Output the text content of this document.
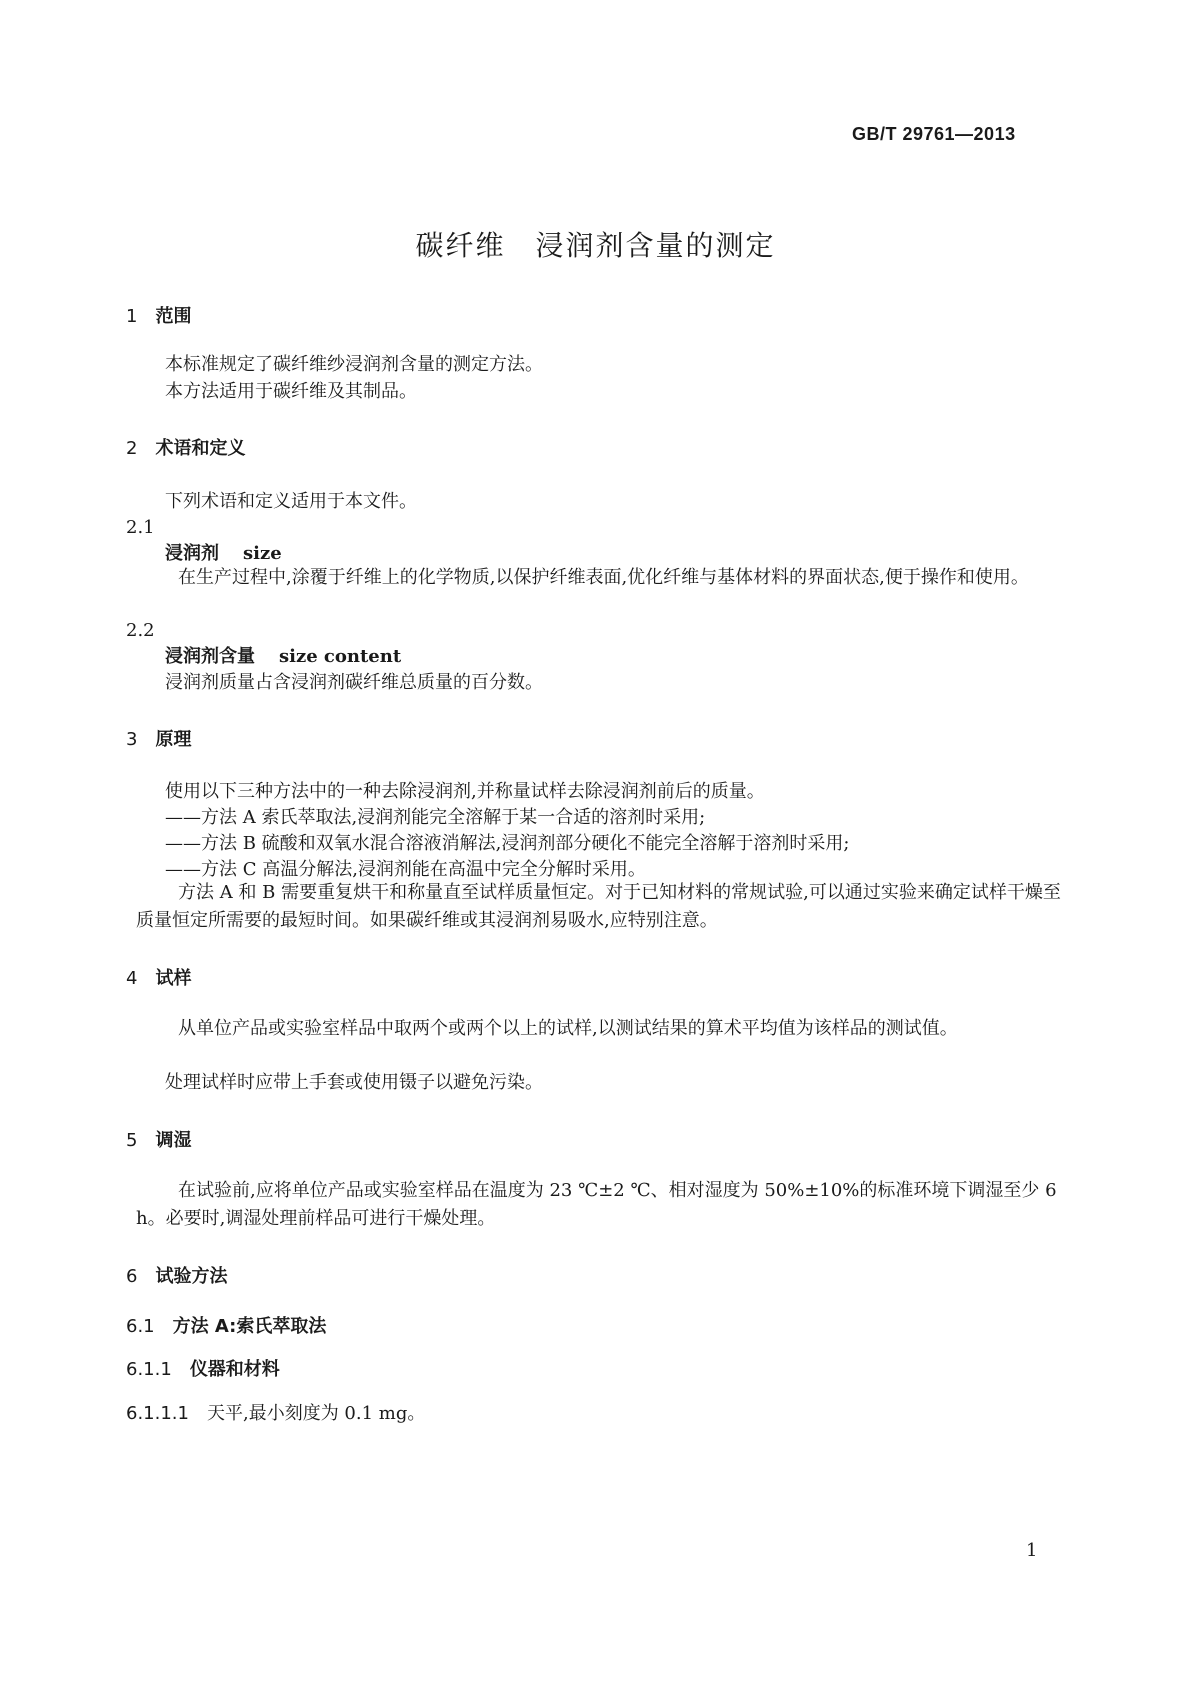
GB/T 29761—2013
碳纤维　浸润剂含量的测定
1 范围
本标准规定了碳纤维纱浸润剂含量的测定方法。
本方法适用于碳纤维及其制品。
2 术语和定义
下列术语和定义适用于本文件。
2.1
浸润剂 size
在生产过程中,涂覆于纤维上的化学物质,以保护纤维表面,优化纤维与基体材料的界面状态,便于操作和使用。
2.2
浸润剂含量 size content
浸润剂质量占含浸润剂碳纤维总质量的百分数。
3 原理
使用以下三种方法中的一种去除浸润剂,并称量试样去除浸润剂前后的质量。
——方法 A 索氏萃取法,浸润剂能完全溶解于某一合适的溶剂时采用;
——方法 B 硫酸和双氧水混合溶液消解法,浸润剂部分硬化不能完全溶解于溶剂时采用;
——方法 C 高温分解法,浸润剂能在高温中完全分解时采用。
方法 A 和 B 需要重复烘干和称量直至试样质量恒定。对于已知材料的常规试验,可以通过实验来确定试样干燥至质量恒定所需要的最短时间。如果碳纤维或其浸润剂易吸水,应特别注意。
4 试样
从单位产品或实验室样品中取两个或两个以上的试样,以测试结果的算术平均值为该样品的测试值。
处理试样时应带上手套或使用镊子以避免污染。
5 调湿
在试验前,应将单位产品或实验室样品在温度为 23 ℃±2 ℃、相对湿度为 50%±10%的标准环境下调湿至少 6 h。必要时,调湿处理前样品可进行干燥处理。
6 试验方法
6.1 方法 A:索氏萃取法
6.1.1 仪器和材料
6.1.1.1 天平,最小刻度为 0.1 mg。
1
